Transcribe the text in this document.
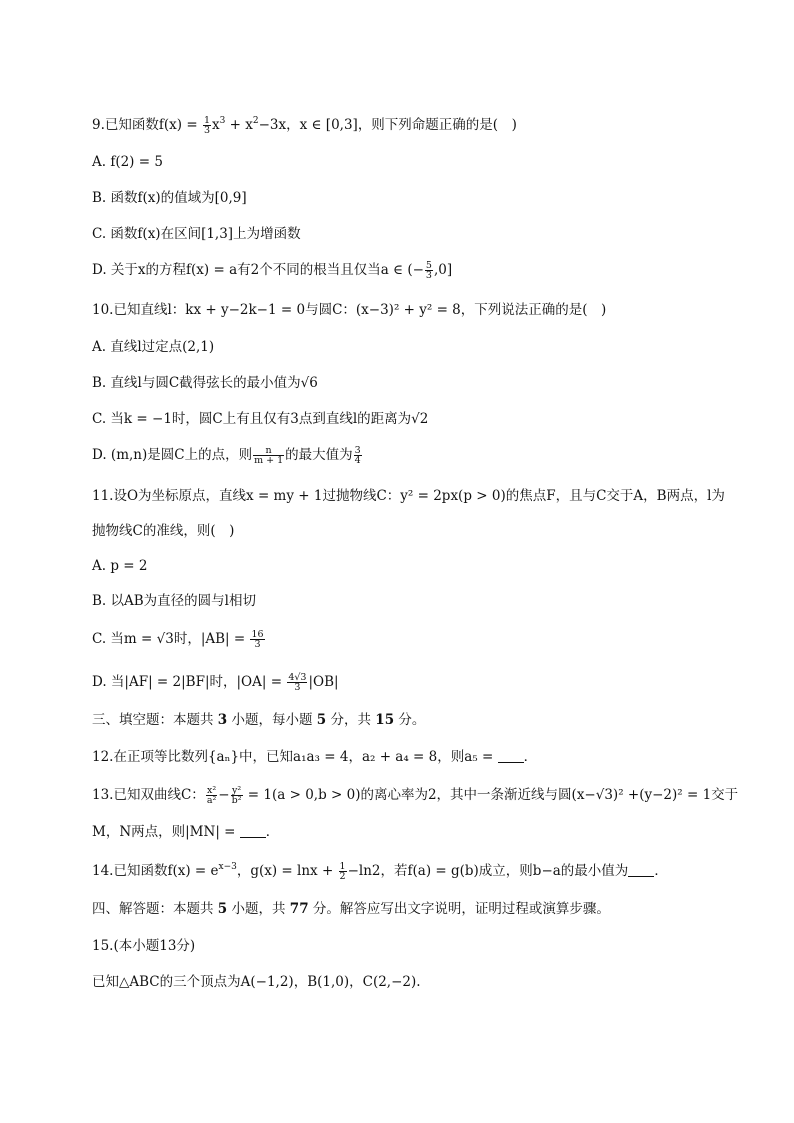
9.已知函数$f(x) = \frac{1}{3} x^3 + x^2-3x$，x ∈ [0,3]，则下列命题正确的是(　)
A. f(2) = 5
B. 函数f(x)的值域为[0,9]
C. 函数f(x)在区间[1,3]上为增函数
D. 关于x的方程f(x) = a有2个不同的根当且仅当a ∈ (− $\frac{5}{3} ,0$]
10.已知直线l：kx + y−2k−1 = 0与圆C：(x−3)² + y² = 8，下列说法正确的是(　)
A. 直线l过定点(2,1)
B. 直线l与圆C截得弦长的最小值为√6
C. 当k = −1时，圆C上有且仅有3点到直线l的距离为√2
D. (m,n)是圆C上的点，则 $\frac{n}{m + 1}$ 的最大值为 $\frac{3}{4}$
11.设O为坐标原点，直线x = my + 1过抛物线C：y² = 2px(p > 0)的焦点F，且与C交于A，B两点，l为
抛物线C的准线，则(　)
A. p = 2
B. 以AB为直径的圆与l相切
C. 当m = √3时，$|AB| = \frac{16}{3}$
D. 当|AF| = 2|BF|时，$|OA| = \frac{4√3}{3} |OB|$
三、填空题：本题共 3 小题，每小题 5 分，共 15 分。
12.在正项等比数列{aₙ}中，已知a₁a₃ = 4，a₂ + a₄ = 8，则a₅ = ．
13.已知双曲线C： $\frac{\text{x²}}{\text{a²}} - \frac{\text{y²}}{\text{b²}} = 1(a > 0,b > 0)$的离心率为2，其中一条渐近线与圆(x−√3)² +(y−2)² = 1交于
M，N两点，则|MN| = ．
14.已知函数$f(x) = e^{x-3}$，$g(x) = \ln x + \frac{1}{2} -\ln 2$，若f(a) = g(b)成立，则b−a的最小值为 ．
四、解答题：本题共 5 小题，共 77 分。解答应写出文字说明，证明过程或演算步骤。
15.(本小题13分)
已知△ABC的三个顶点为A(−1,2)，B(1,0)，C(2,−2).
